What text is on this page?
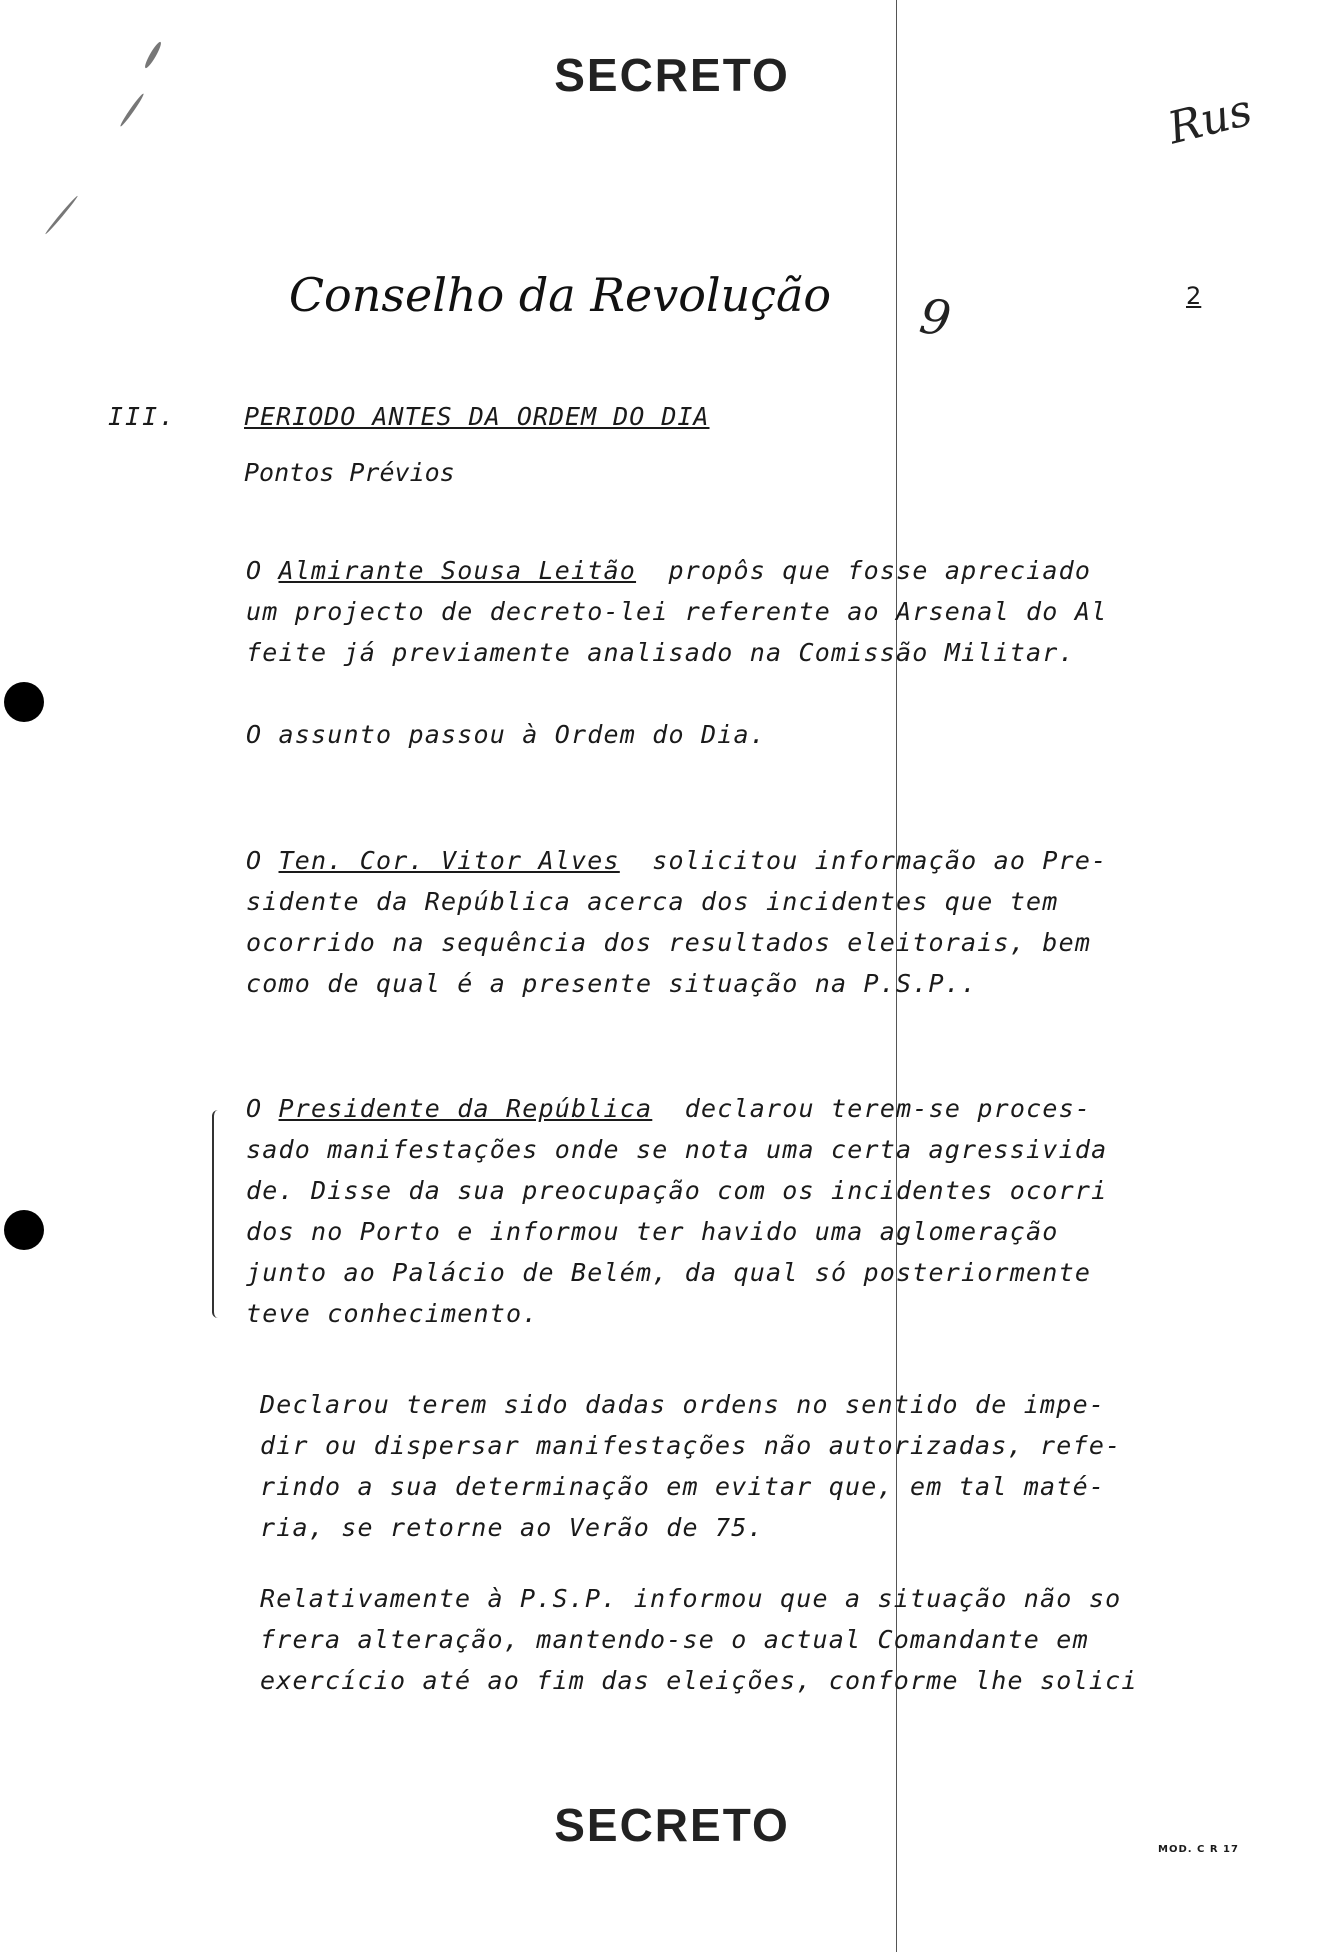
SECRETO
Rus
Conselho da Revolução	2
9
III.	PERIODO ANTES DA ORDEM DO DIA
Pontos Prévios
O Almirante Sousa Leitão  propôs que fosse apreciado
um projecto de decreto-lei referente ao Arsenal do Al
feite já previamente analisado na Comissão Militar.
O assunto passou à Ordem do Dia.
O Ten. Cor. Vitor Alves  solicitou informação ao Pre-
sidente da República acerca dos incidentes que tem
ocorrido na sequência dos resultados eleitorais, bem
como de qual é a presente situação na P.S.P..
O Presidente da República  declarou terem-se proces-
sado manifestações onde se nota uma certa agressivida
de. Disse da sua preocupação com os incidentes ocorri
dos no Porto e informou ter havido uma aglomeração
junto ao Palácio de Belém, da qual só posteriormente
teve conhecimento.
Declarou terem sido dadas ordens no sentido de impe-
dir ou dispersar manifestações não autorizadas, refe-
rindo a sua determinação em evitar que, em tal maté-
ria, se retorne ao Verão de 75.
Relativamente à P.S.P. informou que a situação não so
frera alteração, mantendo-se o actual Comandante em
exercício até ao fim das eleições, conforme lhe solici
SECRETO	MOD. C R 17
